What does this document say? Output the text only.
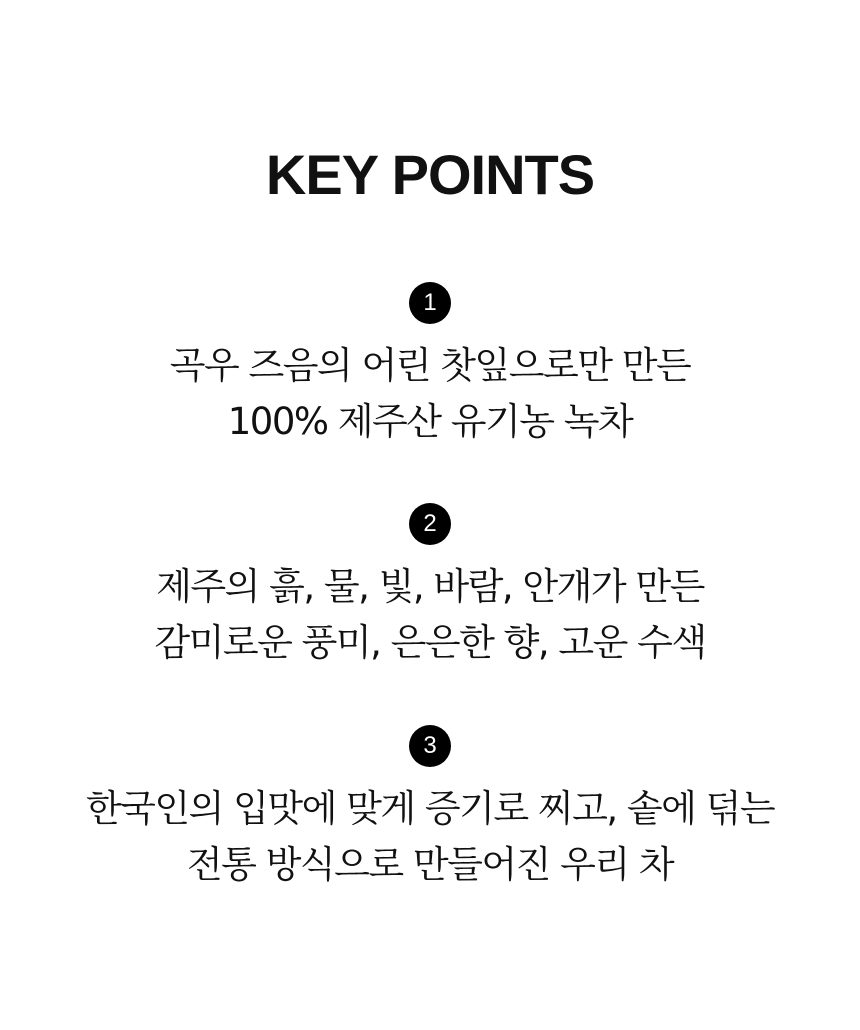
KEY POINTS
1
곡우 즈음의 어린 찻잎으로만 만든
100% 제주산 유기농 녹차
2
제주의 흙, 물, 빛, 바람, 안개가 만든
감미로운 풍미, 은은한 향, 고운 수색
3
한국인의 입맛에 맞게 증기로 찌고, 솥에 덖는
전통 방식으로 만들어진 우리 차
